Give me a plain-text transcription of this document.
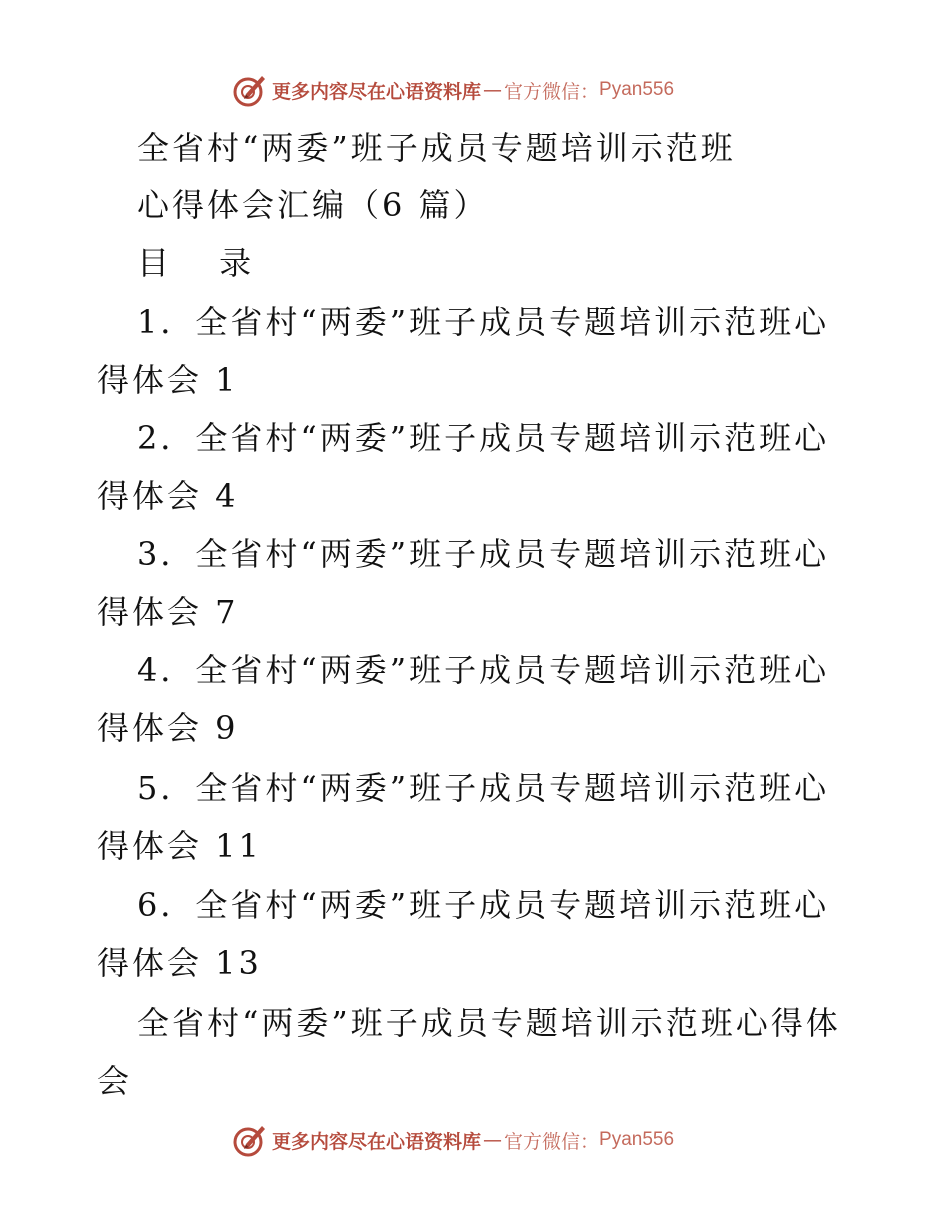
更多内容尽在心语资料库 — 官方微信： Pyan556
全省村“两委”班子成员专题培训示范班
心得体会汇编（6 篇）
目 录
1．全省村“两委”班子成员专题培训示范班心
得体会 1
2．全省村“两委”班子成员专题培训示范班心
得体会 4
3．全省村“两委”班子成员专题培训示范班心
得体会 7
4．全省村“两委”班子成员专题培训示范班心
得体会 9
5．全省村“两委”班子成员专题培训示范班心
得体会 11
6．全省村“两委”班子成员专题培训示范班心
得体会 13
全省村“两委”班子成员专题培训示范班心得体
会
更多内容尽在心语资料库 — 官方微信： Pyan556
